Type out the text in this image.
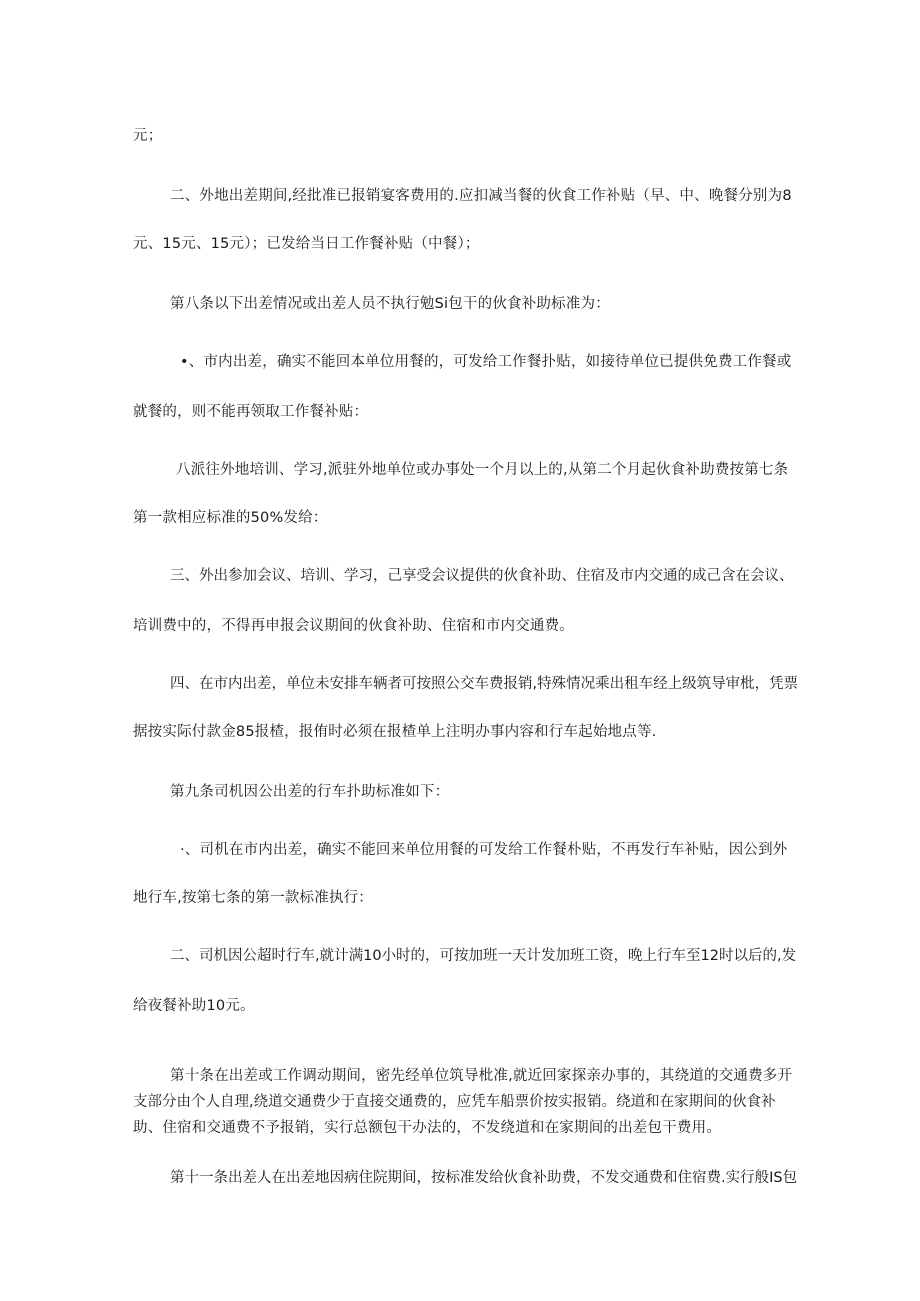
元；
二、外地出差期间,经批准已报销宴客费用的.应扣减当餐的伙食工作补贴（早、中、晚餐分别为8
元、15元、15元）；已发给当日工作餐补贴（中餐）；
第八条以下出差情况或出差人员不执行勉Si包干的伙食补助标准为：
•、市内出差，确实不能回本单位用餐的，可发给工作餐扑贴，如接待单位已提供免费工作餐或
就餐的，则不能再领取工作餐补贴：
八派往外地培训、学习,派驻外地单位或办事处一个月以上的,从第二个月起伙食补助费按第七条
第一款相应标准的50%发给：
三、外出参加会议、培训、学习，己享受会议提供的伙食补助、住宿及市内交通的成己含在会议、
培训费中的，不得再申报会议期间的伙食补助、住宿和市内交通费。
四、在市内出差，单位未安排车辆者可按照公交车费报销,特殊情况乘出租车经上级筑导审枇，凭票
据按实际付款金85报楂，报侑时必须在报楂单上注明办事内容和行车起始地点等.
第九条司机因公出差的行车扑助标准如下：
·、司机在市内出差，确实不能回来单位用餐的可发给工作餐朴贴，不再发行车补贴，因公到外
地行车,按第七条的第一款标准执行：
二、司机因公超时行车,就计满10小时的，可按加班一天计发加班工资，晚上行车至12时以后的,发
给夜餐补助10元。
第十条在出差或工作调动期间，密先经单位筑导枇准,就近回家探亲办事的，其绕道的交通费多开
支部分由个人自理,绕道交通费少于直接交通费的，应凭车船票价按实报销。绕道和在家期间的伙食补
助、住宿和交通费不予报销，实行总额包干办法的，不发绕道和在家期间的出差包干费用。
第十一条出差人在出差地因病住院期间，按标准发给伙食补助费，不发交通费和住宿费.实行般IS包
